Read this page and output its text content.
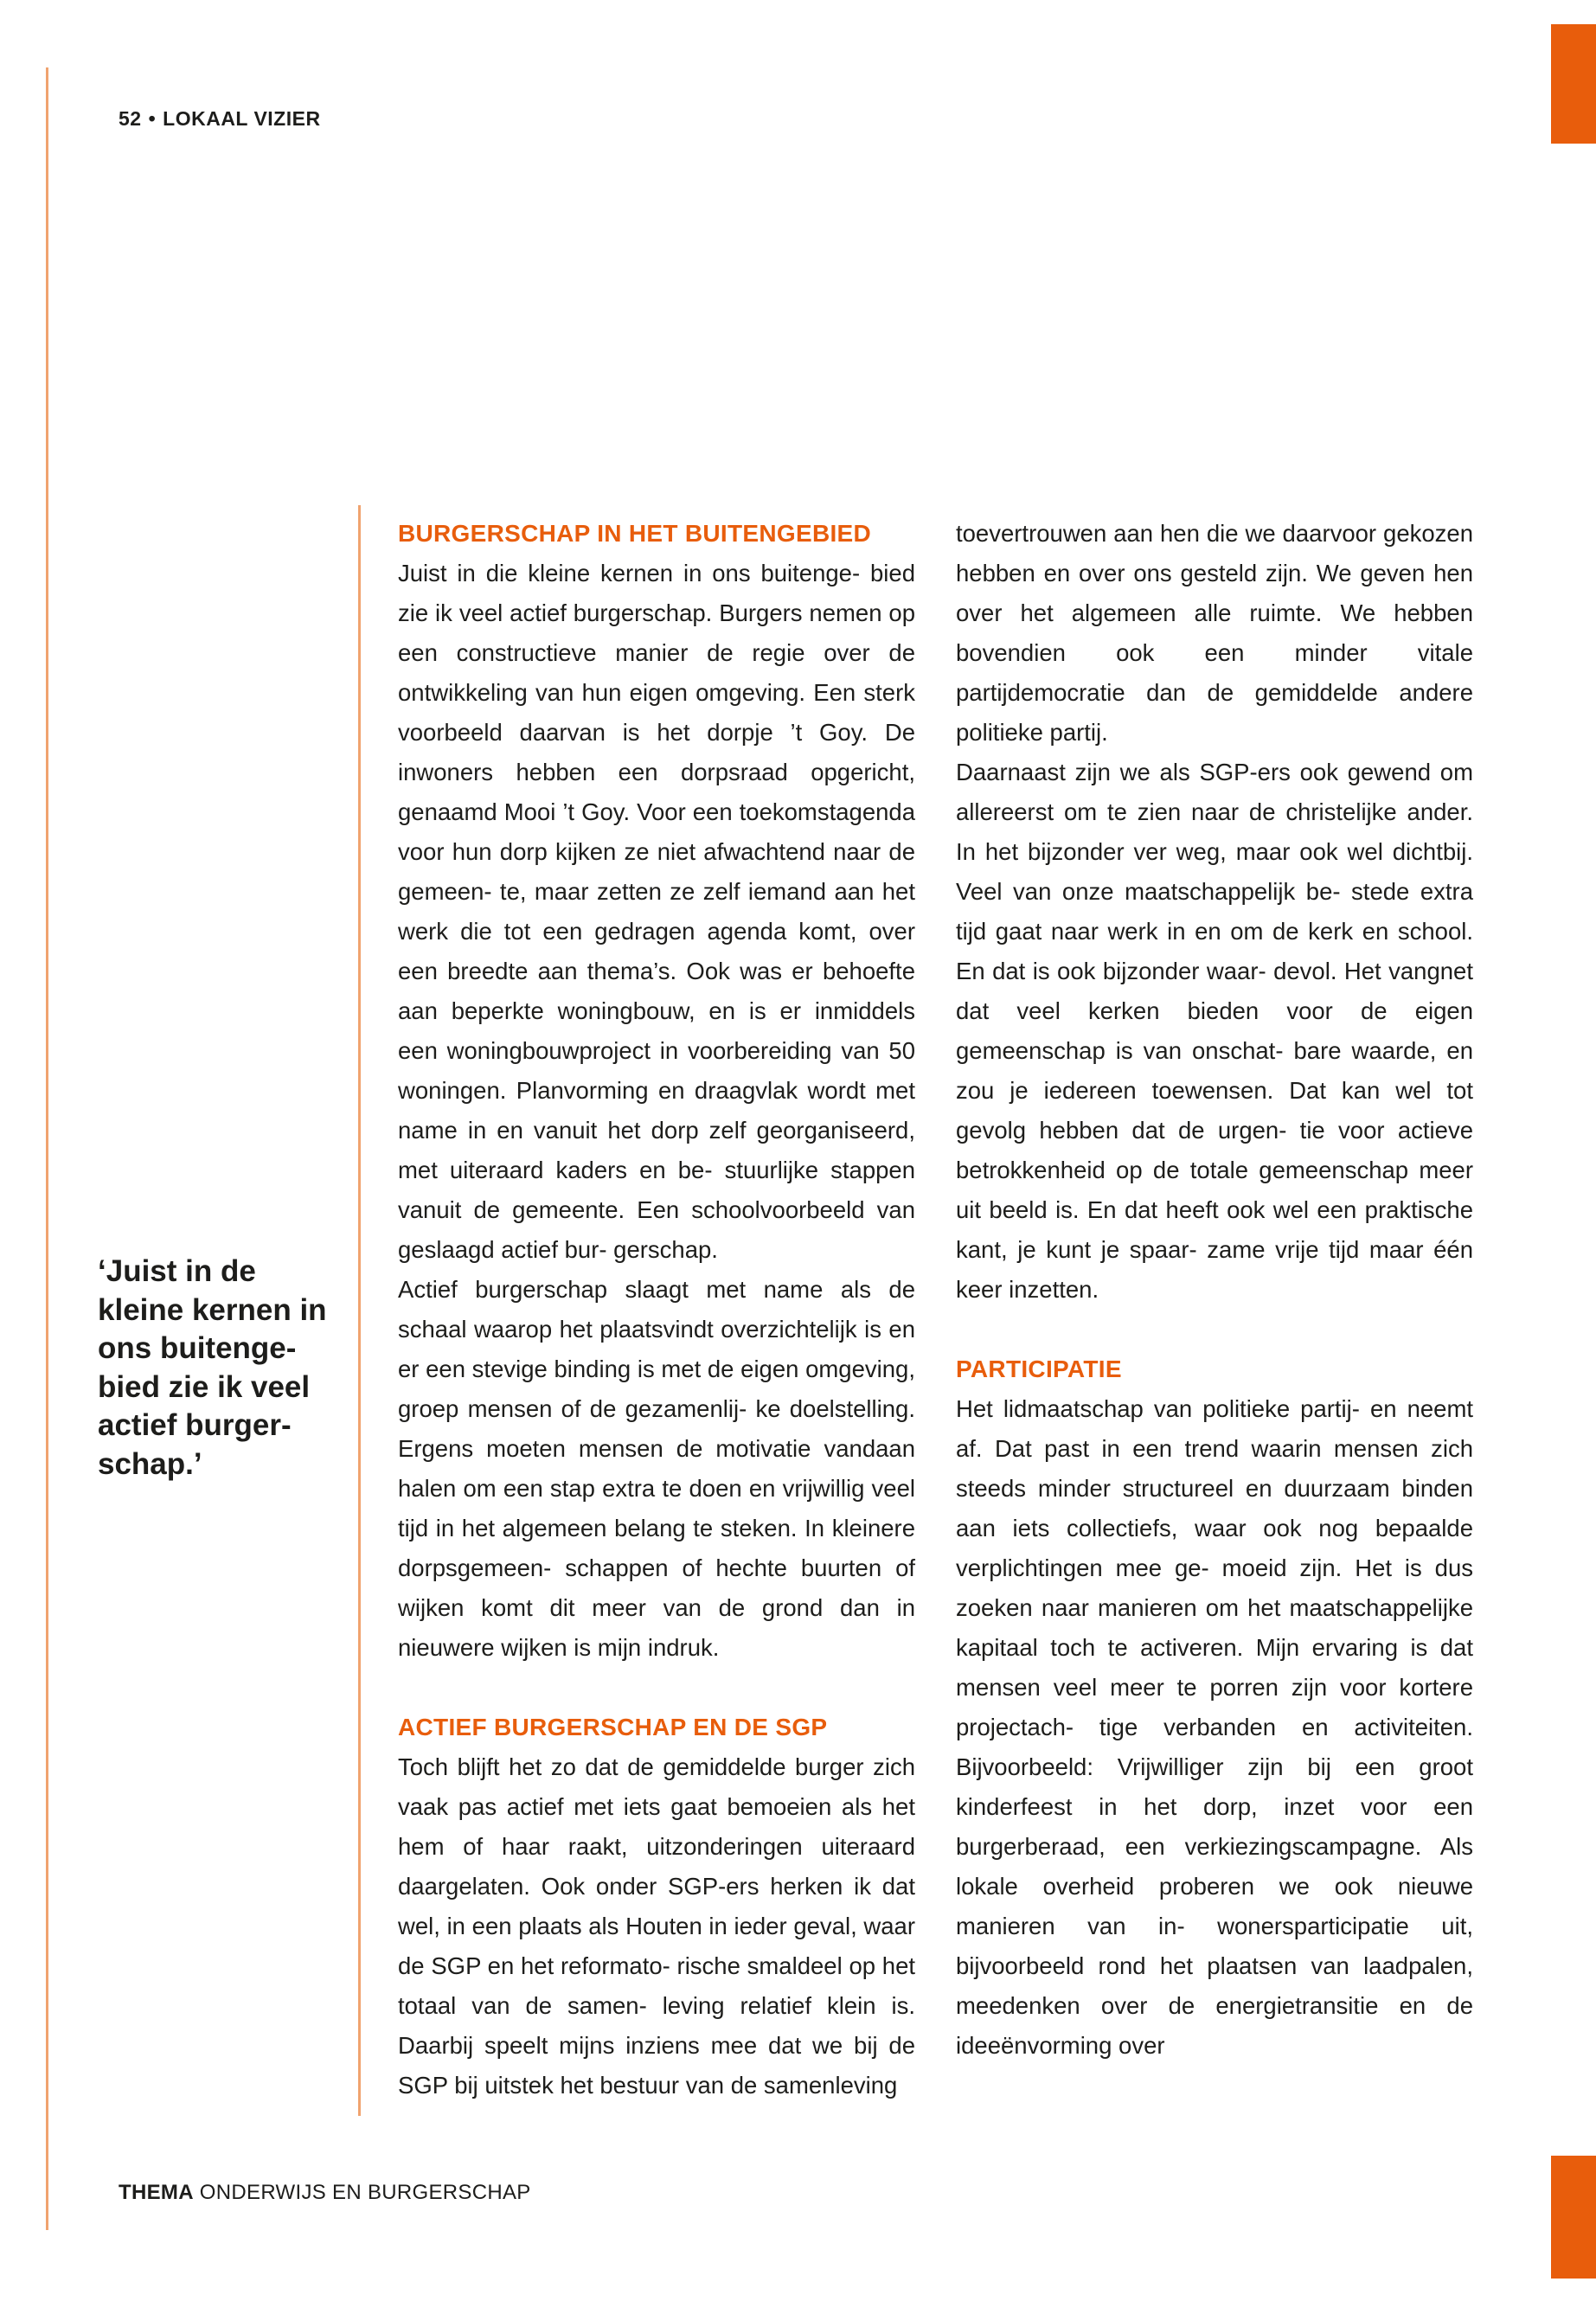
52 • LOKAAL VIZIER
‘Juist in de kleine kernen in ons buitenge- bied zie ik veel actief burger- schap.’
BURGERSCHAP IN HET BUITENGEBIED

Juist in die kleine kernen in ons buitenge- bied zie ik veel actief burgerschap. Burgers nemen op een constructieve manier de regie over de ontwikkeling van hun eigen omgeving. Een sterk voorbeeld daarvan is het dorpje ’t Goy. De inwoners hebben een dorpsraad opgericht, genaamd Mooi ’t Goy. Voor een toekomstagenda voor hun dorp kijken ze niet afwachtend naar de gemeen- te, maar zetten ze zelf iemand aan het werk die tot een gedragen agenda komt, over een breedte aan thema’s. Ook was er behoefte aan beperkte woningbouw, en is er inmiddels een woningbouwproject in voorbereiding van 50 woningen. Planvorming en draagvlak wordt met name in en vanuit het dorp zelf georganiseerd, met uiteraard kaders en be- stuurlijke stappen vanuit de gemeente. Een schoolvoorbeeld van geslaagd actief bur- gerschap.

Actief burgerschap slaagt met name als de schaal waarop het plaatsvindt overzichtelijk is en er een stevige binding is met de eigen omgeving, groep mensen of de gezamenlij- ke doelstelling. Ergens moeten mensen de motivatie vandaan halen om een stap extra te doen en vrijwillig veel tijd in het algemeen belang te steken. In kleinere dorpsgemeen- schappen of hechte buurten of wijken komt dit meer van de grond dan in nieuwere wijken is mijn indruk.

ACTIEF BURGERSCHAP EN DE SGP

Toch blijft het zo dat de gemiddelde burger zich vaak pas actief met iets gaat bemoeien als het hem of haar raakt, uitzonderingen uiteraard daargelaten. Ook onder SGP-ers herken ik dat wel, in een plaats als Houten in ieder geval, waar de SGP en het reformato- rische smaldeel op het totaal van de samen- leving relatief klein is. Daarbij speelt mijns inziens mee dat we bij de SGP bij uitstek het bestuur van de samenleving

toevertrouwen aan hen die we daarvoor gekozen hebben en over ons gesteld zijn. We geven hen over het algemeen alle ruimte. We hebben bovendien ook een minder vitale partijdemocratie dan de gemiddelde andere politieke partij.

Daarnaast zijn we als SGP-ers ook gewend om allereerst om te zien naar de christelijke ander. In het bijzonder ver weg, maar ook wel dichtbij. Veel van onze maatschappelijk be- stede extra tijd gaat naar werk in en om de kerk en school. En dat is ook bijzonder waar- devol. Het vangnet dat veel kerken bieden voor de eigen gemeenschap is van onschat- bare waarde, en zou je iedereen toewensen. Dat kan wel tot gevolg hebben dat de urgen- tie voor actieve betrokkenheid op de totale gemeenschap meer uit beeld is. En dat heeft ook wel een praktische kant, je kunt je spaar- zame vrije tijd maar één keer inzetten.

PARTICIPATIE

Het lidmaatschap van politieke partij- en neemt af. Dat past in een trend waarin mensen zich steeds minder structureel en duurzaam binden aan iets collectiefs, waar ook nog bepaalde verplichtingen mee ge- moeid zijn. Het is dus zoeken naar manieren om het maatschappelijke kapitaal toch te activeren. Mijn ervaring is dat mensen veel meer te porren zijn voor kortere projectach- tige verbanden en activiteiten. Bijvoorbeeld: Vrijwilliger zijn bij een groot kinderfeest in het dorp, inzet voor een burgerberaad, een verkiezingscampagne. Als lokale overheid proberen we ook nieuwe manieren van in- wonersparticipatie uit, bijvoorbeeld rond het plaatsen van laadpalen, meedenken over de energietransitie en de ideeënvorming over

THEMA ONDERWIJS EN BURGERSCHAP
